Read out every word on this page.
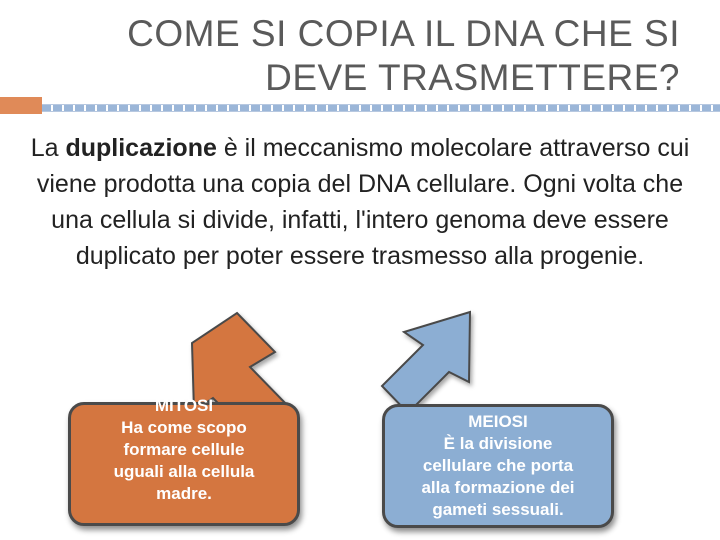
COME SI COPIA IL DNA CHE SI
DEVE TRASMETTERE?
La duplicazione è il meccanismo molecolare attraverso cui viene prodotta una copia del DNA cellulare. Ogni volta che una cellula si divide, infatti, l'intero genoma deve essere duplicato per poter essere trasmesso alla progenie.
MITOSI
Ha come scopo
formare cellule
uguali alla cellula
madre.
MEIOSI
È la divisione
cellulare che porta
alla formazione dei
gameti sessuali.
